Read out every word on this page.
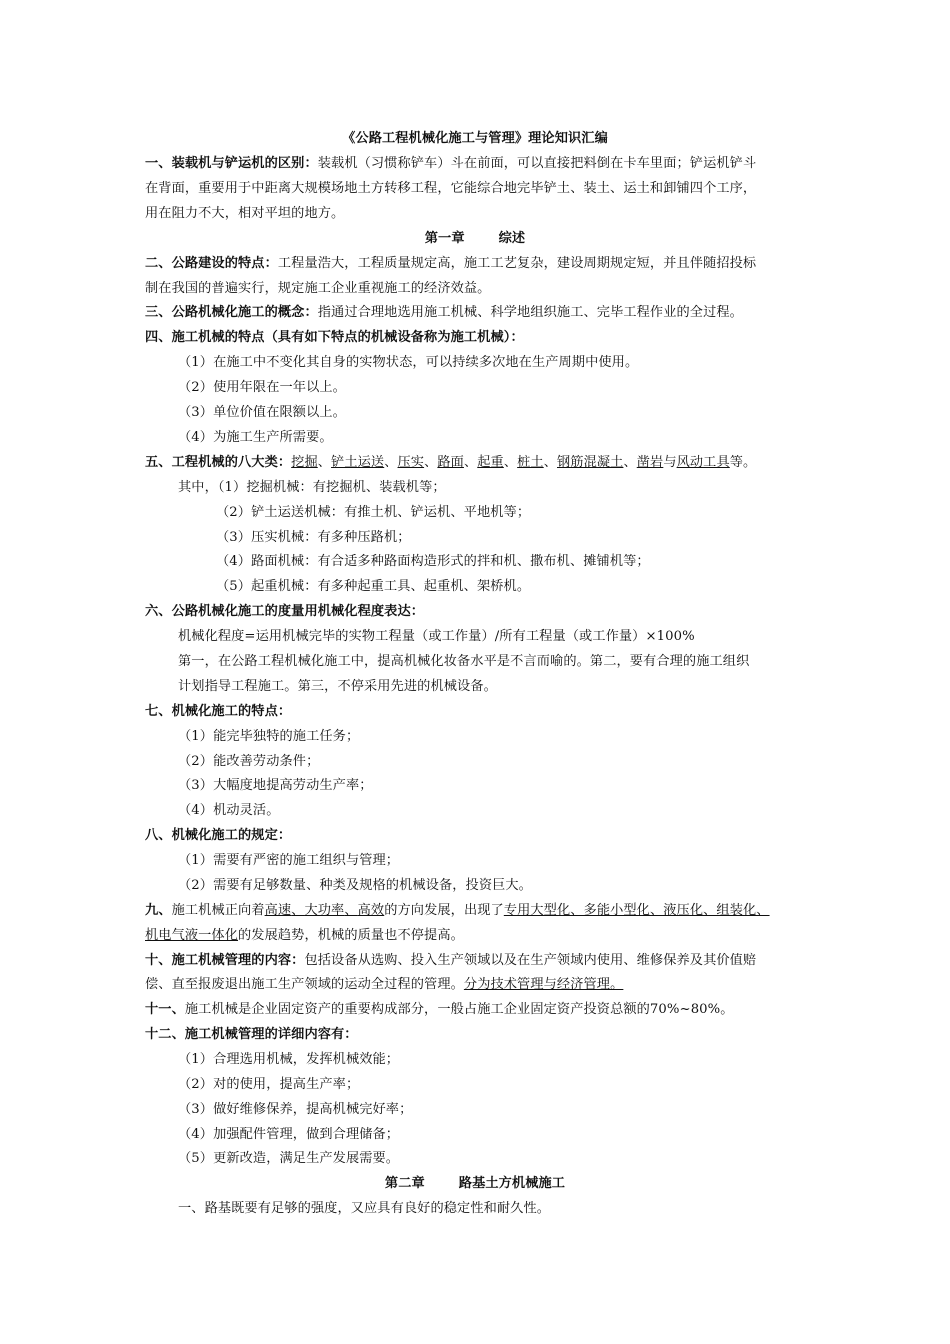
《公路工程机械化施工与管理》理论知识汇编
一、装载机与铲运机的区别：装载机（习惯称铲车）斗在前面，可以直接把料倒在卡车里面；铲运机铲斗
在背面，重要用于中距离大规模场地土方转移工程，它能综合地完毕铲土、装土、运土和卸铺四个工序，
用在阻力不大，相对平坦的地方。
第一章	综述
二、公路建设的特点：工程量浩大，工程质量规定高，施工工艺复杂，建设周期规定短，并且伴随招投标
制在我国的普遍实行，规定施工企业重视施工的经济效益。
三、公路机械化施工的概念：指通过合理地选用施工机械、科学地组织施工、完毕工程作业的全过程。
四、施工机械的特点（具有如下特点的机械设备称为施工机械）：
（1）在施工中不变化其自身的实物状态，可以持续多次地在生产周期中使用。
（2）使用年限在一年以上。
（3）单位价值在限额以上。
（4）为施工生产所需要。
五、工程机械的八大类：挖掘、铲土运送、压实、路面、起重、桩土、钢筋混凝土、凿岩与风动工具等。
其中，（1）挖掘机械：有挖掘机、装载机等；
（2）铲土运送机械：有推土机、铲运机、平地机等；
（3）压实机械：有多种压路机；
（4）路面机械：有合适多种路面构造形式的拌和机、撒布机、摊铺机等；
（5）起重机械：有多种起重工具、起重机、架桥机。
六、公路机械化施工的度量用机械化程度表达：
机械化程度=运用机械完毕的实物工程量（或工作量）/所有工程量（或工作量）×100%
第一，在公路工程机械化施工中，提高机械化妆备水平是不言而喻的。第二，要有合理的施工组织
计划指导工程施工。第三，不停采用先进的机械设备。
七、机械化施工的特点：
（1）能完毕独特的施工任务；
（2）能改善劳动条件；
（3）大幅度地提高劳动生产率；
（4）机动灵活。
八、机械化施工的规定：
（1）需要有严密的施工组织与管理；
（2）需要有足够数量、种类及规格的机械设备，投资巨大。
九、施工机械正向着高速、大功率、高效的方向发展，出现了专用大型化、多能小型化、液压化、组装化、
机电气液一体化的发展趋势，机械的质量也不停提高。
十、施工机械管理的内容：包括设备从选购、投入生产领域以及在生产领域内使用、维修保养及其价值赔
偿、直至报废退出施工生产领域的运动全过程的管理。分为技术管理与经济管理。
十一、施工机械是企业固定资产的重要构成部分，一般占施工企业固定资产投资总额的70%~80%。
十二、施工机械管理的详细内容有：
（1）合理选用机械，发挥机械效能；
（2）对的使用，提高生产率；
（3）做好维修保养，提高机械完好率；
（4）加强配件管理，做到合理储备；
（5）更新改造，满足生产发展需要。
第二章	路基土方机械施工
一、路基既要有足够的强度，又应具有良好的稳定性和耐久性。
